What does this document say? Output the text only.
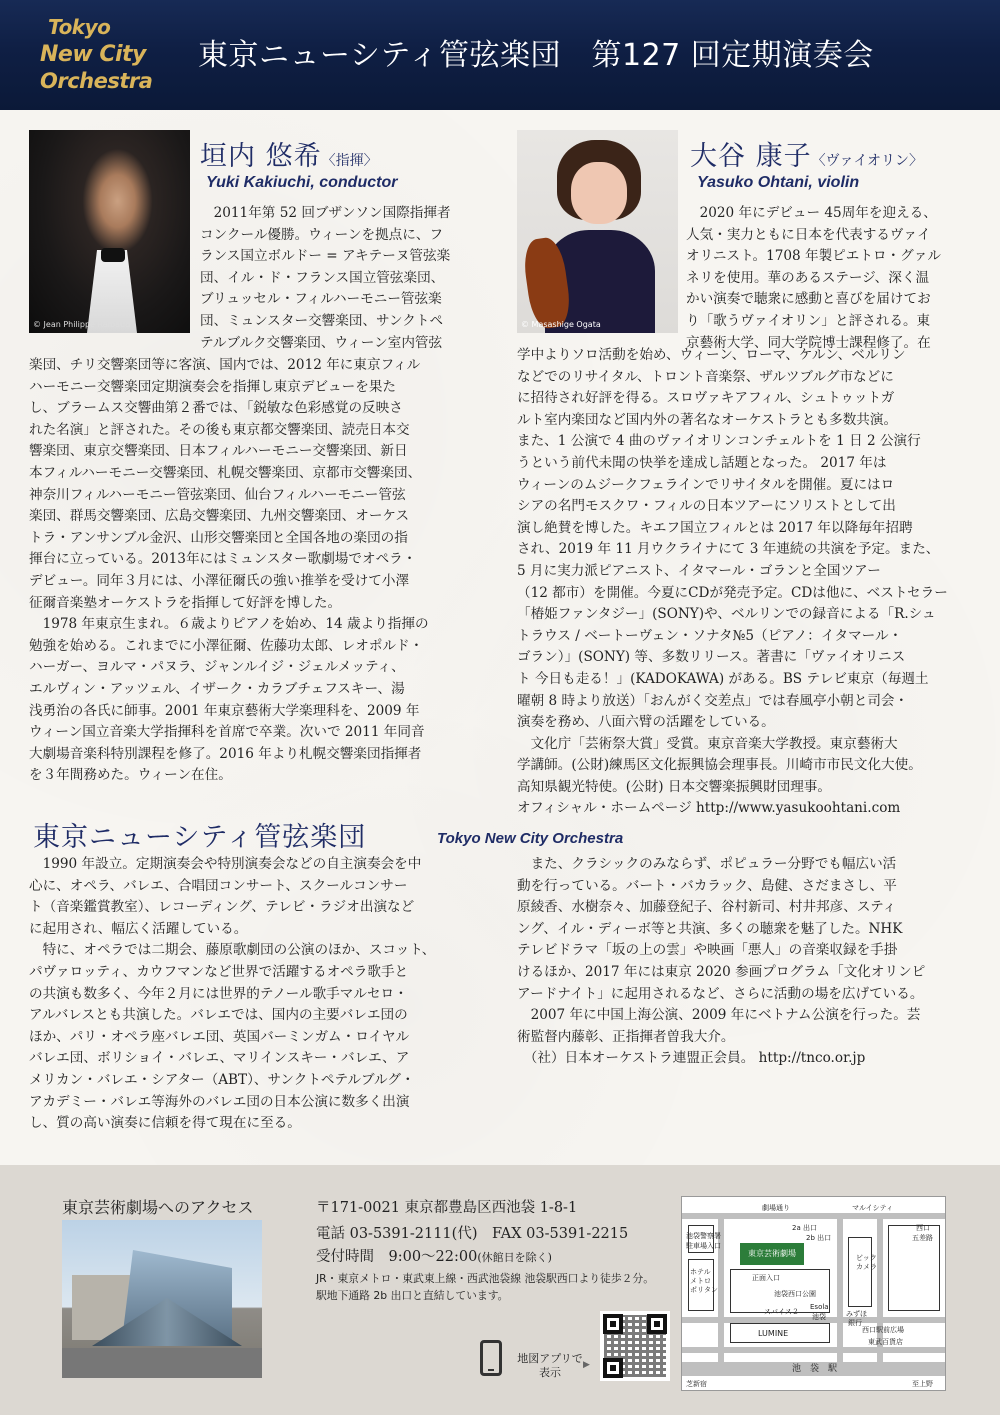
Tokyo
New City
Orchestra
東京ニューシティ管弦楽団　第127 回定期演奏会
© Jean Philippe Raibaud
垣内 悠希〈指揮〉
Yuki Kakiuchi, conductor
2011年第 52 回ブザンソン国際指揮者
コンクール優勝。ウィーンを拠点に、フ
ランス国立ボルドー = アキテーヌ管弦楽
団、イル・ド・フランス国立管弦楽団、
ブリュッセル・フィルハーモニー管弦楽
団、ミュンスター交響楽団、サンクトペ
テルブルク交響楽団、ウィーン室内管弦
楽団、チリ交響楽団等に客演、国内では、2012 年に東京フィル
ハーモニー交響楽団定期演奏会を指揮し東京デビューを果た
し、ブラームス交響曲第２番では、「鋭敏な色彩感覚の反映さ
れた名演」と評された。その後も東京都交響楽団、読売日本交
響楽団、東京交響楽団、日本フィルハーモニー交響楽団、新日
本フィルハーモニー交響楽団、札幌交響楽団、京都市交響楽団、
神奈川フィルハーモニー管弦楽団、仙台フィルハーモニー管弦
楽団、群馬交響楽団、広島交響楽団、九州交響楽団、オーケス
トラ・アンサンブル金沢、山形交響楽団と全国各地の楽団の指
揮台に立っている。2013年にはミュンスター歌劇場でオペラ・
デビュー。同年３月には、小澤征爾氏の強い推挙を受けて小澤
征爾音楽塾オーケストラを指揮して好評を博した。
　1978 年東京生まれ。６歳よりピアノを始め、14 歳より指揮の
勉強を始める。これまでに小澤征爾、佐藤功太郎、レオポルド・
ハーガー、ヨルマ・パヌラ、ジャンルイジ・ジェルメッティ、
エルヴィン・アッツェル、イザーク・カラブチェフスキー、湯
浅勇治の各氏に師事。2001 年東京藝術大学楽理科を、2009 年
ウィーン国立音楽大学指揮科を首席で卒業。次いで 2011 年同音
大劇場音楽科特別課程を修了。2016 年より札幌交響楽団指揮者
を３年間務めた。ウィーン在住。
© Masashige Ogata
大谷 康子〈ヴァイオリン〉
Yasuko Ohtani, violin
2020 年にデビュー 45周年を迎える、
人気・実力ともに日本を代表するヴァイ
オリニスト。1708 年製ピエトロ・グァル
ネリを使用。華のあるステージ、深く温
かい演奏で聴衆に感動と喜びを届けてお
り「歌うヴァイオリン」と評される。東
京藝術大学、同大学院博士課程修了。在
学中よりソロ活動を始め、ウィーン、ローマ、ケルン、ベルリン
などでのリサイタル、トロント音楽祭、ザルツブルグ市などに
に招待され好評を得る。スロヴァキアフィル、シュトゥットガ
ルト室内楽団など国内外の著名なオーケストラとも多数共演。
また、1 公演で 4 曲のヴァイオリンコンチェルトを 1 日 2 公演行
うという前代未聞の快挙を達成し話題となった。 2017 年は
ウィーンのムジークフェラインでリサイタルを開催。夏にはロ
シアの名門モスクワ・フィルの日本ツアーにソリストとして出
演し絶賛を博した。キエフ国立フィルとは 2017 年以降毎年招聘
され、2019 年 11 月ウクライナにて 3 年連続の共演を予定。また、
5 月に実力派ピアニスト、イタマール・ゴランと全国ツアー
（12 都市）を開催。今夏にCDが発売予定。CDは他に、ベストセラー
「椿姫ファンタジー」(SONY)や、ベルリンでの録音による「R.シュ
トラウス / ベートーヴェン・ソナタ№5（ピアノ：イタマール・
ゴラン）」(SONY) 等、多数リリース。著書に「ヴァイオリニス
ト 今日も走る！」(KADOKAWA) がある。BS テレビ東京（毎週土
曜朝 8 時より放送）「おんがく交差点」では春風亭小朝と司会・
演奏を務め、八面六臂の活躍をしている。
　文化庁「芸術祭大賞」受賞。東京音楽大学教授。東京藝術大
学講師。(公財)練馬区文化振興協会理事長。川崎市市民文化大使。
高知県観光特使。(公財) 日本交響楽振興財団理事。
オフィシャル・ホームページ http://www.yasukoohtani.com
東京ニューシティ管弦楽団	Tokyo New City Orchestra
　1990 年設立。定期演奏会や特別演奏会などの自主演奏会を中
心に、オペラ、バレエ、合唱団コンサート、スクールコンサー
ト（音楽鑑賞教室）、レコーディング、テレビ・ラジオ出演など
に起用され、幅広く活躍している。
　特に、オペラでは二期会、藤原歌劇団の公演のほか、スコット、
パヴァロッティ、カウフマンなど世界で活躍するオペラ歌手と
の共演も数多く、今年２月には世界的テノール歌手マルセロ・
アルバレスとも共演した。バレエでは、国内の主要バレエ団の
ほか、パリ・オペラ座バレエ団、英国バーミンガム・ロイヤル
バレエ団、ボリショイ・バレエ、マリインスキー・バレエ、ア
メリカン・バレエ・シアター（ABT）、サンクトペテルブルグ・
アカデミー・バレエ等海外のバレエ団の日本公演に数多く出演
し、質の高い演奏に信頼を得て現在に至る。
　また、クラシックのみならず、ポピュラー分野でも幅広い活
動を行っている。バート・バカラック、島健、さだまさし、平
原綾香、水樹奈々、加藤登紀子、谷村新司、村井邦彦、スティ
ング、イル・ディーボ等と共演、多くの聴衆を魅了した。NHK
テレビドラマ「坂の上の雲」や映画「悪人」の音楽収録を手掛
けるほか、2017 年には東京 2020 参画プログラム「文化オリンピ
アードナイト」に起用されるなど、さらに活動の場を広げている。
　2007 年に中国上海公演、2009 年にベトナム公演を行った。芸
術監督内藤彰、正指揮者曽我大介。
　（社）日本オーケストラ連盟正会員。 http://tnco.or.jp
東京芸術劇場へのアクセス	〒171-0021 東京都豊島区西池袋 1-8-1
電話 03-5391-2111(代)　FAX 03-5391-2215
受付時間　9:00～22:00(休館日を除く)
JR・東京メトロ・東武東上線・西武池袋線 池袋駅西口より徒歩２分。
駅地下通路 2b 出口と直結しています。
地図アプリで
表示
▶
東京芸術劇場
劇場通り	マルイシティ
西口
五差路
池袋警察署
駐車場入口
2a 出口
2b 出口
正面入口
ホテル
メトロ
ポリタン
ビック
カメラ
池袋西口公園
スパイス２
Esola
池袋	みずほ
銀行
西口駅前広場
東武百貨店
LUMINE
芝新宿	至上野
池　袋　駅
